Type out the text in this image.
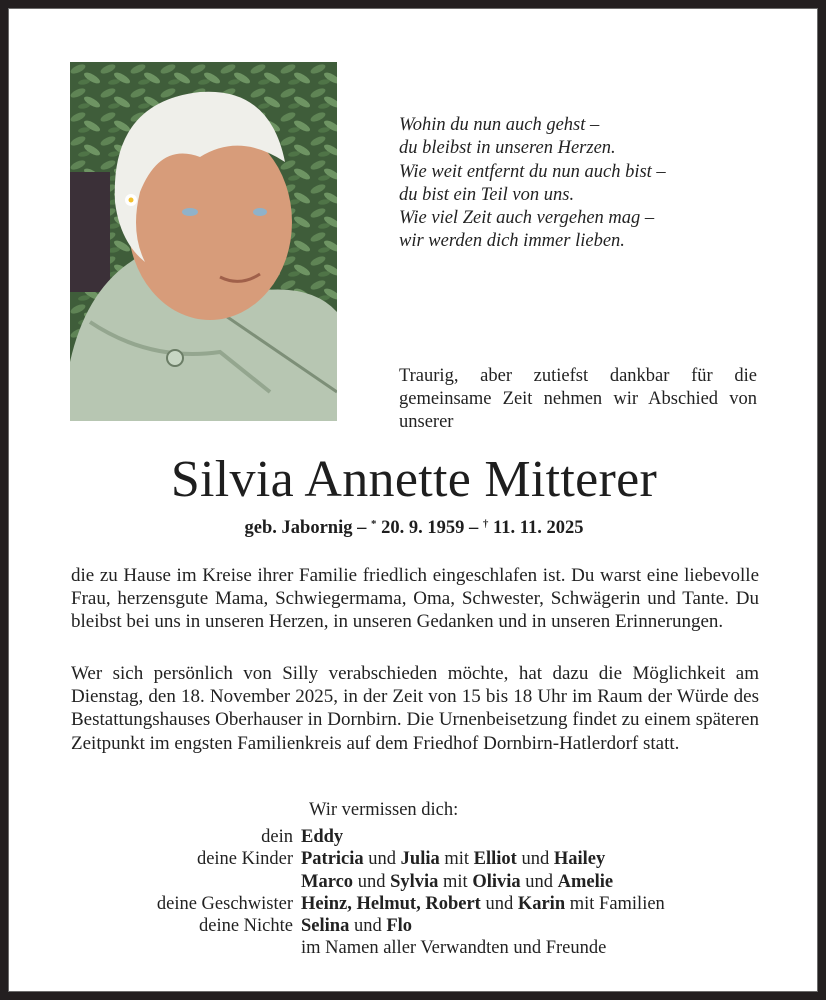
Wohin du nun auch gehst –
du bleibst in unseren Herzen.
Wie weit entfernt du nun auch bist –
du bist ein Teil von uns.
Wie viel Zeit auch vergehen mag –
wir werden dich immer lieben.
Traurig, aber zutiefst dankbar für die gemeinsame Zeit nehmen wir Abschied von unserer
Silvia Annette Mitterer
geb. Jabornig – * 20. 9. 1959 – † 11. 11. 2025
die zu Hause im Kreise ihrer Familie friedlich eingeschlafen ist. Du warst eine liebevolle Frau, herzensgute Mama, Schwiegermama, Oma, Schwester, Schwägerin und Tante. Du bleibst bei uns in unseren Herzen, in unseren Gedanken und in unseren Erinnerungen.
Wer sich persönlich von Silly verabschieden möchte, hat dazu die Möglichkeit am Dienstag, den 18. November 2025, in der Zeit von 15 bis 18 Uhr im Raum der Würde des Bestattungshauses Oberhauser in Dornbirn. Die Urnenbeisetzung findet zu einem späteren Zeitpunkt im engsten Familienkreis auf dem Friedhof Dornbirn-Hatlerdorf statt.
Wir vermissen dich:
dein Eddy
deine Kinder Patricia und Julia mit Elliot und Hailey
Marco und Sylvia mit Olivia und Amelie
deine Geschwister Heinz, Helmut, Robert und Karin mit Familien
deine Nichte Selina und Flo
im Namen aller Verwandten und Freunde
